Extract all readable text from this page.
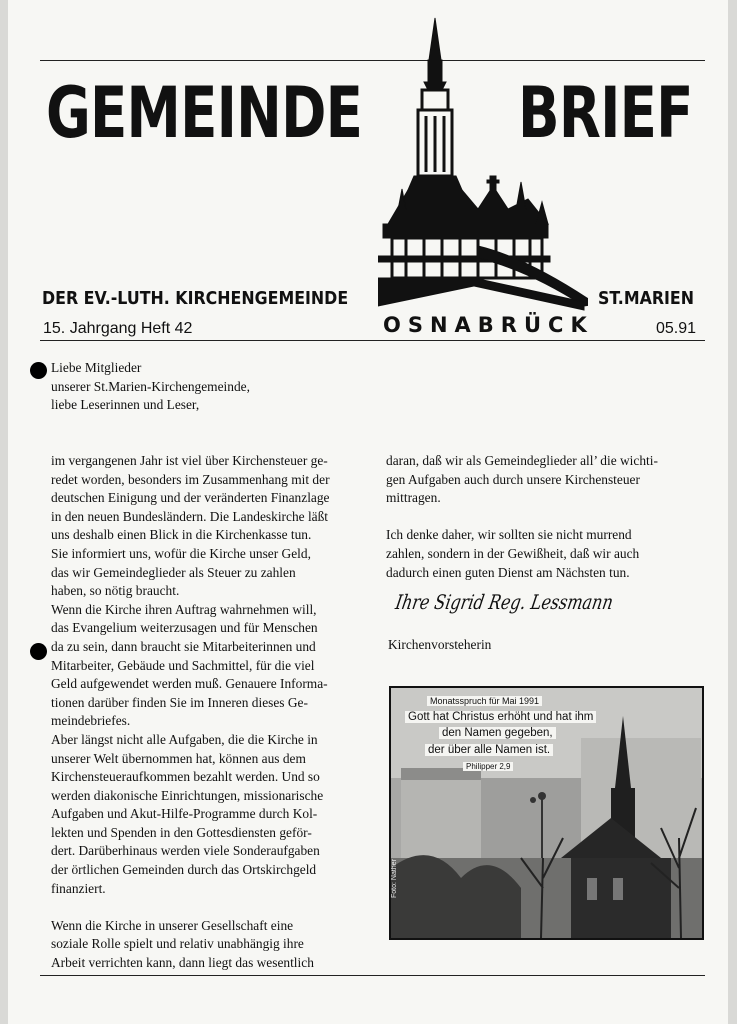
GEMEINDE BRIEF
DER EV.-LUTH. KIRCHENGEMEINDE	ST.MARIEN
OSNABRÜCK
15. Jahrgang Heft 42	05.91

Liebe Mitglieder

unserer St.Marien-Kirchengemeinde,

liebe Leserinnen und Leser,

im vergangenen Jahr ist viel über Kirchensteuer ge-

redet worden, besonders im Zusammenhang mit der

deutschen Einigung und der veränderten Finanzlage

in den neuen Bundesländern. Die Landeskirche läßt

uns deshalb einen Blick in die Kirchenkasse tun.

Sie informiert uns, wofür die Kirche unser Geld,

das wir Gemeindeglieder als Steuer zu zahlen

haben, so nötig braucht.

Wenn die Kirche ihren Auftrag wahrnehmen will,

das Evangelium weiterzusagen und für Menschen

da zu sein, dann braucht sie Mitarbeiterinnen und

Mitarbeiter, Gebäude und Sachmittel, für die viel

Geld aufgewendet werden muß. Genauere Informa-

tionen darüber finden Sie im Inneren dieses Ge-

meindebriefes.

Aber längst nicht alle Aufgaben, die die Kirche in

unserer Welt übernommen hat, können aus dem

Kirchensteueraufkommen bezahlt werden. Und so

werden diakonische Einrichtungen, missionarische

Aufgaben und Akut-Hilfe-Programme durch Kol-

lekten und Spenden in den Gottesdiensten geför-

dert. Darüberhinaus werden viele Sonderaufgaben

der örtlichen Gemeinden durch das Ortskirchgeld

finanziert.

Wenn die Kirche in unserer Gesellschaft eine

soziale Rolle spielt und relativ unabhängig ihre

Arbeit verrichten kann, dann liegt das wesentlich

daran, daß wir als Gemeindeglieder all’ die wichti-

gen Aufgaben auch durch unsere Kirchensteuer

mittragen.

Ich denke daher, wir sollten sie nicht murrend

zahlen, sondern in der Gewißheit, daß wir auch

dadurch einen guten Dienst am Nächsten tun.

Ihre Sigrid Reg. Lessmann
Kirchenvorsteherin
Monatsspruch für Mai 1991
Gott hat Christus erhöht und hat ihm
den Namen gegeben,
der über alle Namen ist.
Philipper 2,9
Foto: Nather
